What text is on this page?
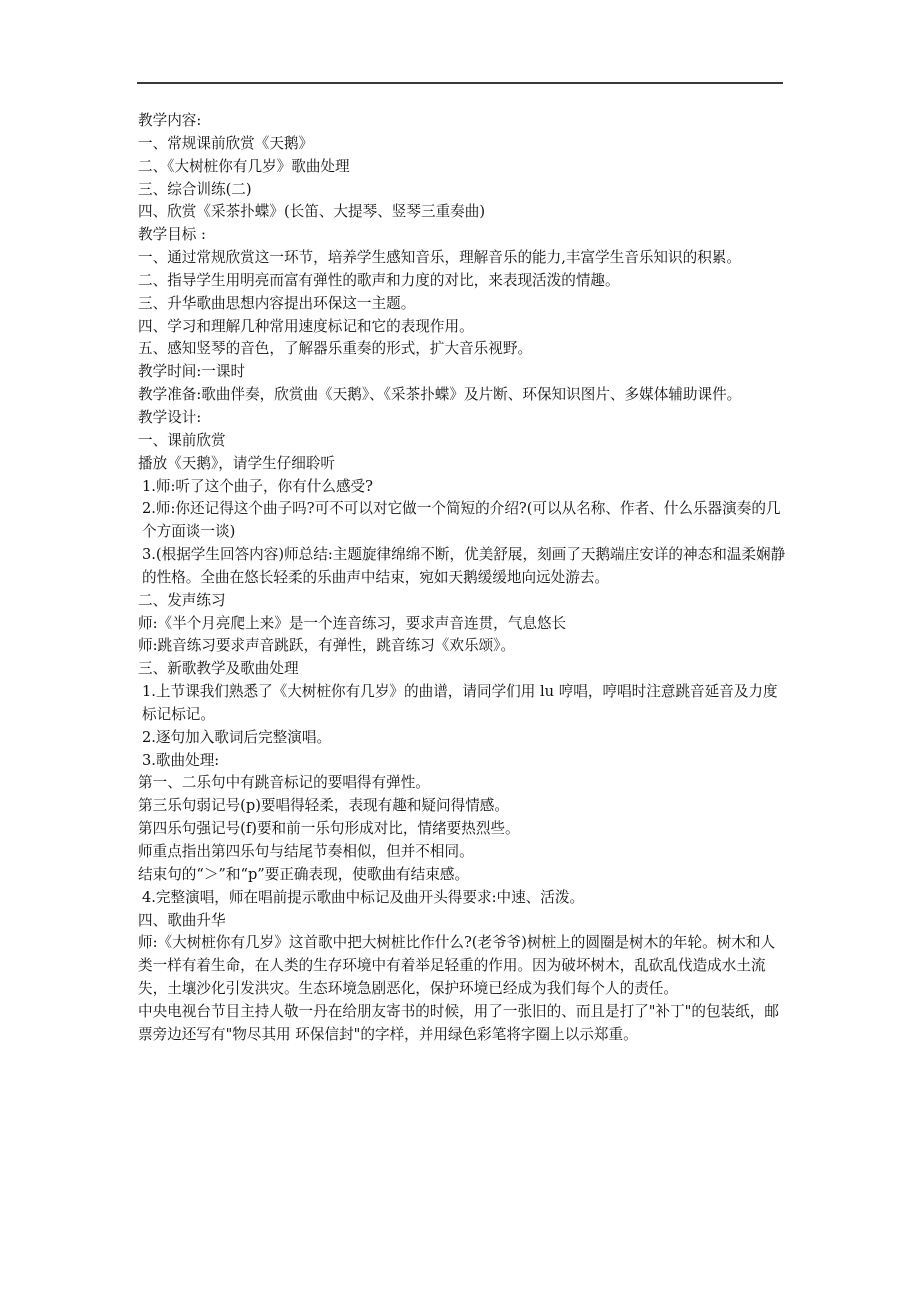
教学内容:
一、常规课前欣赏《天鹅》
二、《大树桩你有几岁》歌曲处理
三、综合训练(二)
四、欣赏《采茶扑蝶》(长笛、大提琴、竖琴三重奏曲)
教学目标 :
一、通过常规欣赏这一环节，培养学生感知音乐，理解音乐的能力,丰富学生音乐知识的积累。
二、指导学生用明亮而富有弹性的歌声和力度的对比，来表现活泼的情趣。
三、升华歌曲思想内容提出环保这一主题。
四、学习和理解几种常用速度标记和它的表现作用。
五、感知竖琴的音色，了解器乐重奏的形式，扩大音乐视野。
教学时间:一课时
教学准备:歌曲伴奏，欣赏曲《天鹅》、《采茶扑蝶》及片断、环保知识图片、多媒体辅助课件。
教学设计:
一、课前欣赏
播放《天鹅》，请学生仔细聆听
1.师:听了这个曲子，你有什么感受?
2.师:你还记得这个曲子吗?可不可以对它做一个简短的介绍?(可以从名称、作者、什么乐器演奏的几个方面谈一谈)
3.(根据学生回答内容)师总结:主题旋律绵绵不断，优美舒展，刻画了天鹅端庄安详的神态和温柔娴静的性格。全曲在悠长轻柔的乐曲声中结束，宛如天鹅缓缓地向远处游去。
二、发声练习
师:《半个月亮爬上来》是一个连音练习，要求声音连贯，气息悠长
师:跳音练习要求声音跳跃，有弹性，跳音练习《欢乐颂》。
三、新歌教学及歌曲处理
1.上节课我们熟悉了《大树桩你有几岁》的曲谱，请同学们用 lu 哼唱，哼唱时注意跳音延音及力度标记标记。
2.逐句加入歌词后完整演唱。
3.歌曲处理:
第一、二乐句中有跳音标记的要唱得有弹性。
第三乐句弱记号(p)要唱得轻柔，表现有趣和疑问得情感。
第四乐句强记号(f)要和前一乐句形成对比，情绪要热烈些。
师重点指出第四乐句与结尾节奏相似，但并不相同。
结束句的“＞”和“p”要正确表现，使歌曲有结束感。
4.完整演唱，师在唱前提示歌曲中标记及曲开头得要求:中速、活泼。
四、歌曲升华
师:《大树桩你有几岁》这首歌中把大树桩比作什么?(老爷爷)树桩上的圆圈是树木的年轮。树木和人类一样有着生命，在人类的生存环境中有着举足轻重的作用。因为破坏树木，乱砍乱伐造成水土流失，土壤沙化引发洪灾。生态环境急剧恶化，保护环境已经成为我们每个人的责任。
中央电视台节目主持人敬一丹在给朋友寄书的时候，用了一张旧的、而且是打了"补丁"的包装纸，邮票旁边还写有"物尽其用 环保信封"的字样，并用绿色彩笔将字圈上以示郑重。
